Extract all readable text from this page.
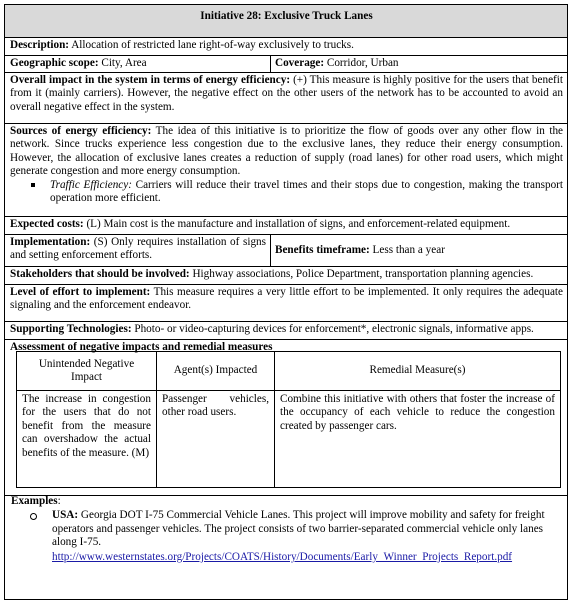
Initiative 28: Exclusive Truck Lanes
Description: Allocation of restricted lane right-of-way exclusively to trucks.
Geographic scope: City, Area	Coverage: Corridor, Urban
Overall impact in the system in terms of energy efficiency: (+) This measure is highly positive for the users that benefit from it (mainly carriers). However, the negative effect on the other users of the network has to be accounted to avoid an overall negative effect in the system.
Sources of energy efficiency: The idea of this initiative is to prioritize the flow of goods over any other flow in the network. Since trucks experience less congestion due to the exclusive lanes, they reduce their energy consumption. However, the allocation of exclusive lanes creates a reduction of supply (road lanes) for other road users, which might generate congestion and more energy consumption.
Traffic Efficiency: Carriers will reduce their travel times and their stops due to congestion, making the transport operation more efficient.
Expected costs: (L) Main cost is the manufacture and installation of signs, and enforcement-related equipment.
Implementation: (S) Only requires installation of signs and setting enforcement efforts.	Benefits timeframe: Less than a year
Stakeholders that should be involved: Highway associations, Police Department, transportation planning agencies.
Level of effort to implement: This measure requires a very little effort to be implemented. It only requires the adequate signaling and the enforcement endeavor.
Supporting Technologies: Photo- or video-capturing devices for enforcement*, electronic signals, informative apps.
Assessment of negative impacts and remedial measures
Unintended Negative Impact	Agent(s) Impacted	Remedial Measure(s)
The increase in congestion for the users that do not benefit from the measure can overshadow the actual benefits of the measure. (M)	Passenger vehicles, other road users.	Combine this initiative with others that foster the increase of the occupancy of each vehicle to reduce the congestion created by passenger cars.
Examples:
USA: Georgia DOT I-75 Commercial Vehicle Lanes. This project will improve mobility and safety for freight operators and passenger vehicles. The project consists of two barrier-separated commercial vehicle only lanes along I-75.
http://www.westernstates.org/Projects/COATS/History/Documents/Early_Winner_Projects_Report.pdf
